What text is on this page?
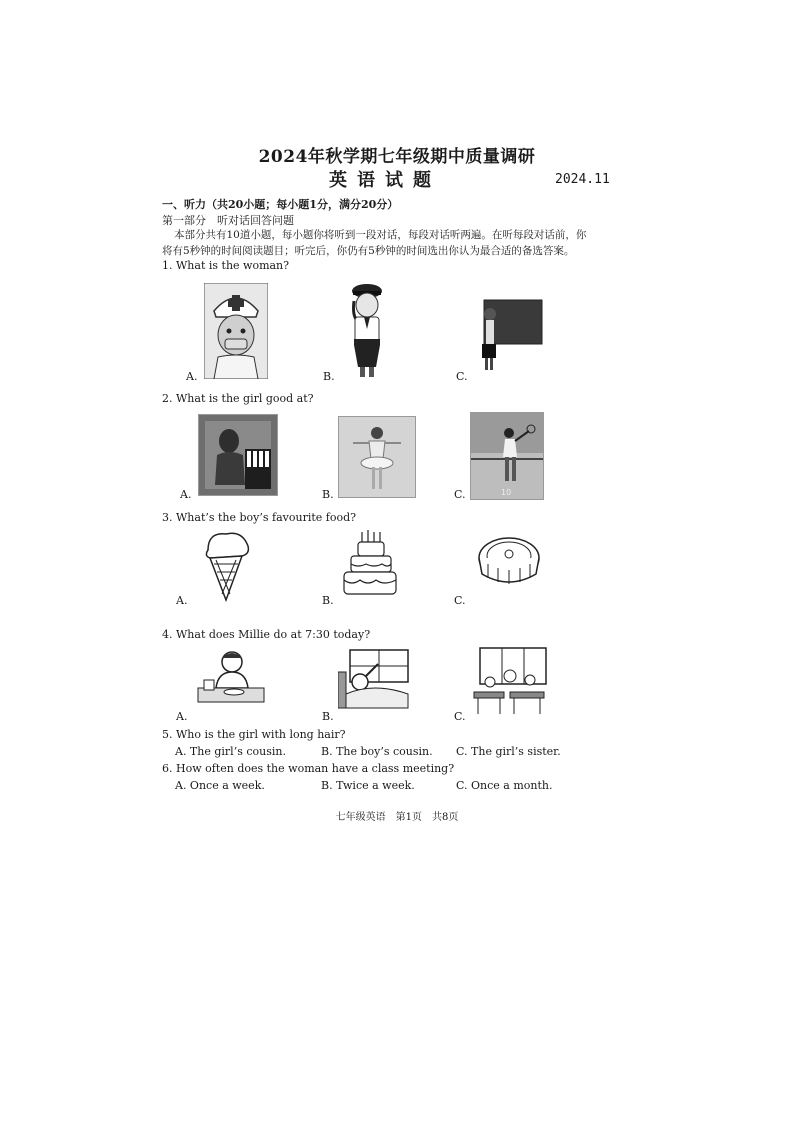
2024年秋学期七年级期中质量调研
英语试题	2024.11
一、听力（共20小题；每小题1分，满分20分）
第一部分　听对话回答问题
本部分共有10道小题，每小题你将听到一段对话，每段对话听两遍。在听每段对话前，你
将有5秒钟的时间阅读题目；听完后，你仍有5秒钟的时间选出你认为最合适的备选答案。
1. What is the woman?
A.	B.	C.
2. What is the girl good at?
A.	B.	10
C.
3. What’s the boy’s favourite food?
A.	B.	C.
4. What does Millie do at 7:30 today?
A.	B.	C.
5. Who is the girl with long hair?
A. The girl’s cousin.	B. The boy’s cousin. C. The girl’s sister.
6. How often does the woman have a class meeting?
A. Once a week.	B. Twice a week.	C. Once a month.
七年级英语　第1页　共8页
